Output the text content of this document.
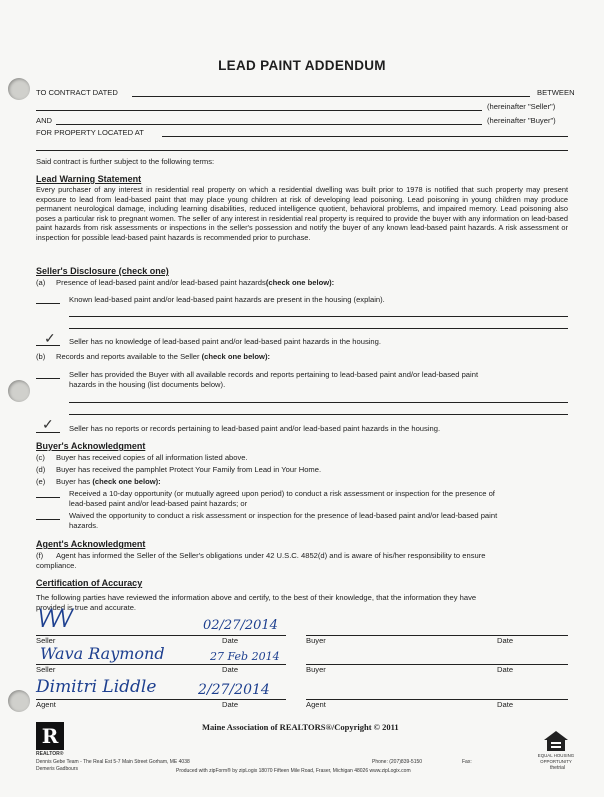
LEAD PAINT ADDENDUM
TO CONTRACT DATED	BETWEEN
(hereinafter "Seller")
AND	(hereinafter "Buyer")
FOR PROPERTY LOCATED AT
Said contract is further subject to the following terms:
Lead Warning Statement
Every purchaser of any interest in residential real property on which a residential dwelling was built prior to 1978 is notified that such property may present exposure to lead from lead-based paint that may place young children at risk of developing lead poisoning. Lead poisoning in young children may produce permanent neurological damage, including learning disabilities, reduced intelligence quotient, behavioral problems, and impaired memory. Lead poisoning also poses a particular risk to pregnant women. The seller of any interest in residential real property is required to provide the buyer with any information on lead-based paint hazards from risk assessments or inspections in the seller's possession and notify the buyer of any known lead-based paint hazards. A risk assessment or inspection for possible lead-based paint hazards is recommended prior to purchase.
Seller's Disclosure (check one)
(a) Presence of lead-based paint and/or lead-based paint hazards(check one below):
Known lead-based paint and/or lead-based paint hazards are present in the housing (explain).
✓ Seller has no knowledge of lead-based paint and/or lead-based paint hazards in the housing.
(b) Records and reports available to the Seller (check one below):
Seller has provided the Buyer with all available records and reports pertaining to lead-based paint and/or lead-based paint
hazards in the housing (list documents below).
✓ Seller has no reports or records pertaining to lead-based paint and/or lead-based paint hazards in the housing.
Buyer's Acknowledgment
(c) Buyer has received copies of all information listed above.
(d) Buyer has received the pamphlet Protect Your Family from Lead in Your Home.
(e) Buyer has (check one below):
Received a 10-day opportunity (or mutually agreed upon period) to conduct a risk assessment or inspection for the presence of
lead-based paint and/or lead-based paint hazards; or
Waived the opportunity to conduct a risk assessment or inspection for the presence of lead-based paint and/or lead-based paint
hazards.
Agent's Acknowledgment
(f) Agent has informed the Seller of the Seller's obligations under 42 U.S.C. 4852(d) and is aware of his/her responsibility to ensure
compliance.
Certification of Accuracy
The following parties have reviewed the information above and certify, to the best of their knowledge, that the information they have
provided is true and accurate.
\/\/\/	02/27/2014
Seller	Date	Buyer	Date
Wava Raymond	27 Feb 2014
Seller	Date	Buyer	Date
Dimitri Liddle	2/27/2014
Agent	Date	Agent	Date
R
REALTOR®
Maine Association of REALTORS®/Copyright © 2011
Dennis Gebe Team - The Real Est 5-7 Main Street Gorham, ME 4038
Demeris Gadbours
Phone: (207)839-5150	Fax:
Produced with zipForm® by zipLogix 18070 Fifteen Mile Road, Fraser, Michigan 48026 www.zipLogix.com
EQUAL HOUSING OPPORTUNITY
thetrial
